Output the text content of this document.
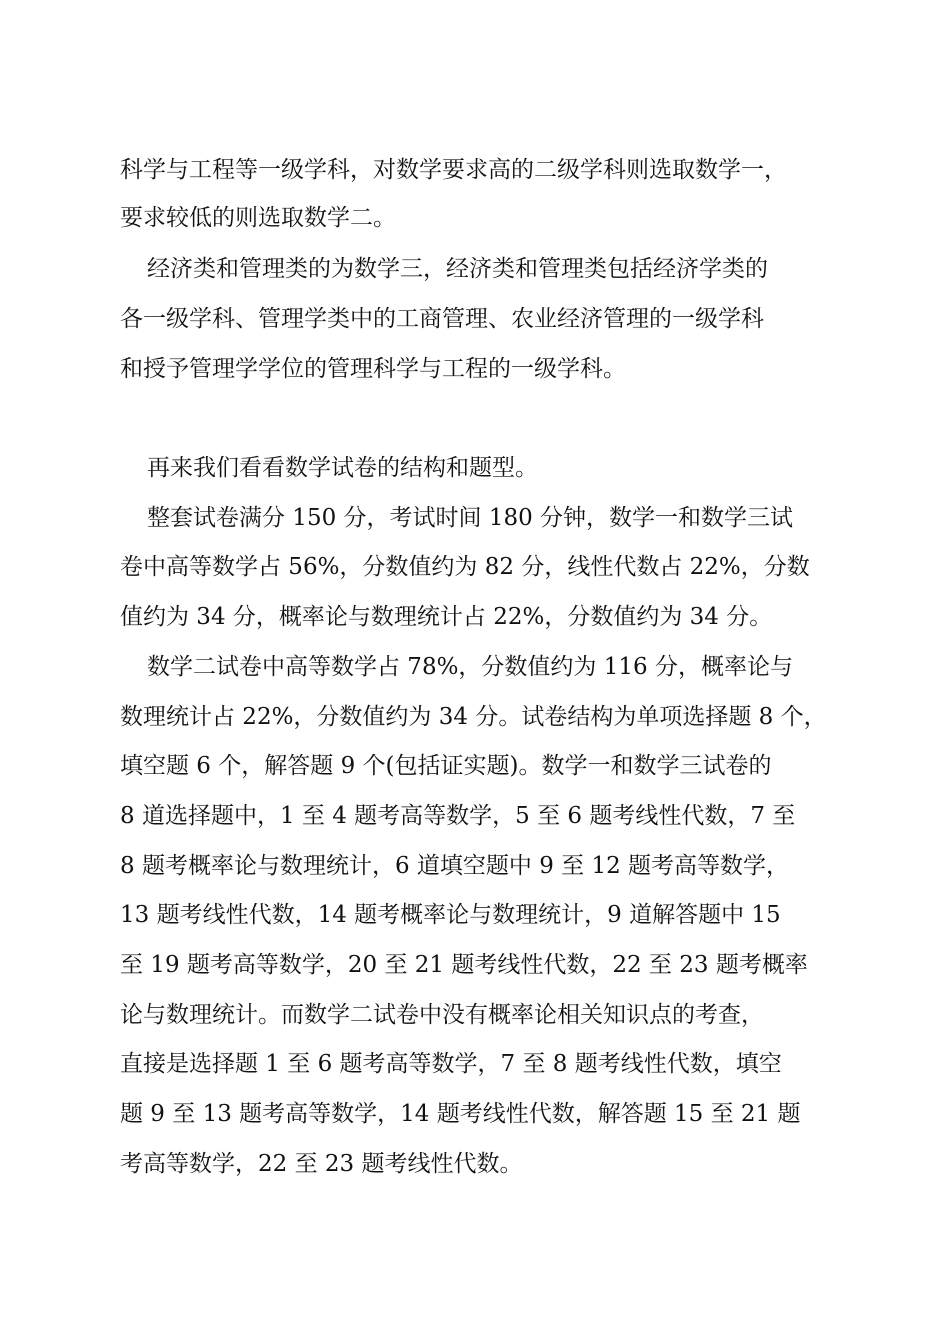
科学与工程等一级学科，对数学要求高的二级学科则选取数学一，
要求较低的则选取数学二。
经济类和管理类的为数学三，经济类和管理类包括经济学类的
各一级学科、管理学类中的工商管理、农业经济管理的一级学科
和授予管理学学位的管理科学与工程的一级学科。
再来我们看看数学试卷的结构和题型。
整套试卷满分 150 分，考试时间 180 分钟，数学一和数学三试
卷中高等数学占 56%，分数值约为 82 分，线性代数占 22%，分数
值约为 34 分，概率论与数理统计占 22%，分数值约为 34 分。
数学二试卷中高等数学占 78%，分数值约为 116 分，概率论与
数理统计占 22%，分数值约为 34 分。试卷结构为单项选择题 8 个，
填空题 6 个，解答题 9 个(包括证实题)。数学一和数学三试卷的
8 道选择题中，1 至 4 题考高等数学，5 至 6 题考线性代数，7 至
8 题考概率论与数理统计，6 道填空题中 9 至 12 题考高等数学，
13 题考线性代数，14 题考概率论与数理统计，9 道解答题中 15
至 19 题考高等数学，20 至 21 题考线性代数，22 至 23 题考概率
论与数理统计。而数学二试卷中没有概率论相关知识点的考查，
直接是选择题 1 至 6 题考高等数学，7 至 8 题考线性代数，填空
题 9 至 13 题考高等数学，14 题考线性代数，解答题 15 至 21 题
考高等数学，22 至 23 题考线性代数。
